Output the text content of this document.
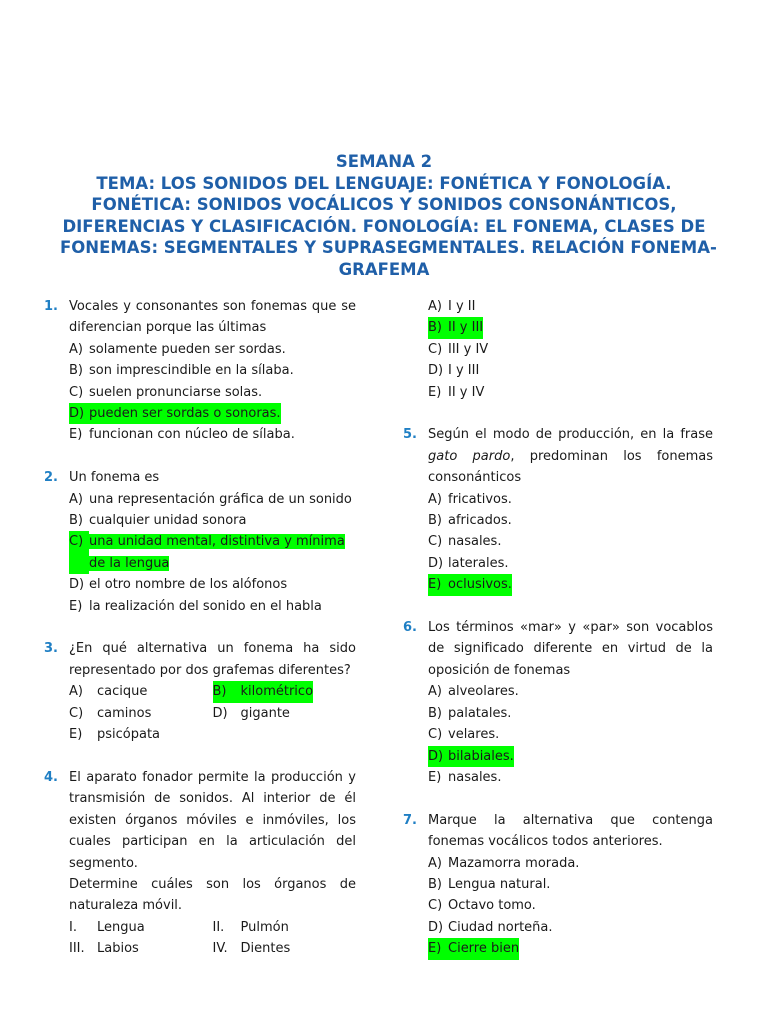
SEMANA 2
TEMA: LOS SONIDOS DEL LENGUAJE: FONÉTICA Y FONOLOGÍA.
FONÉTICA: SONIDOS VOCÁLICOS Y SONIDOS CONSONÁNTICOS,
DIFERENCIAS Y CLASIFICACIÓN. FONOLOGÍA: EL FONEMA, CLASES DE
FONEMAS: SEGMENTALES Y SUPRASEGMENTALES. RELACIÓN FONEMA-
GRAFEMA
1. Vocales y consonantes son fonemas que se diferencian porque las últimas
A) solamente pueden ser sordas.
B) son imprescindible en la sílaba.
C) suelen pronunciarse solas.
D) pueden ser sordas o sonoras.
E) funcionan con núcleo de sílaba.
2. Un fonema es
A) una representación gráfica de un sonido
B) cualquier unidad sonora
C) una unidad mental, distintiva y mínima de la lengua
D) el otro nombre de los alófonos
E) la realización del sonido en el habla
3. ¿En qué alternativa un fonema ha sido representado por dos grafemas diferentes?
A)	cacique	B)	kilométrico
C)	caminos	D) gigante
E)	psicópata
4. El aparato fonador permite la producción y transmisión de sonidos. Al interior de él existen órganos móviles e inmóviles, los cuales participan en la articulación del segmento.
Determine cuáles son los órganos de naturaleza móvil.
I.	Lengua	II.	Pulmón
III. Labios	IV. Dientes
A) I y II
B) II y III
C) III y IV
D) I y III
E) II y IV
5. Según el modo de producción, en la frase gato pardo, predominan los fonemas consonánticos
A) fricativos.
B) africados.
C) nasales.
D) laterales.
E) oclusivos.
6. Los términos «mar» y «par» son vocablos de significado diferente en virtud de la oposición de fonemas
A) alveolares.
B) palatales.
C) velares.
D) bilabiales.
E) nasales.
7. Marque la alternativa que contenga fonemas vocálicos todos anteriores.
A) Mazamorra morada.
B) Lengua natural.
C) Octavo tomo.
D) Ciudad norteña.
E) Cierre bien
